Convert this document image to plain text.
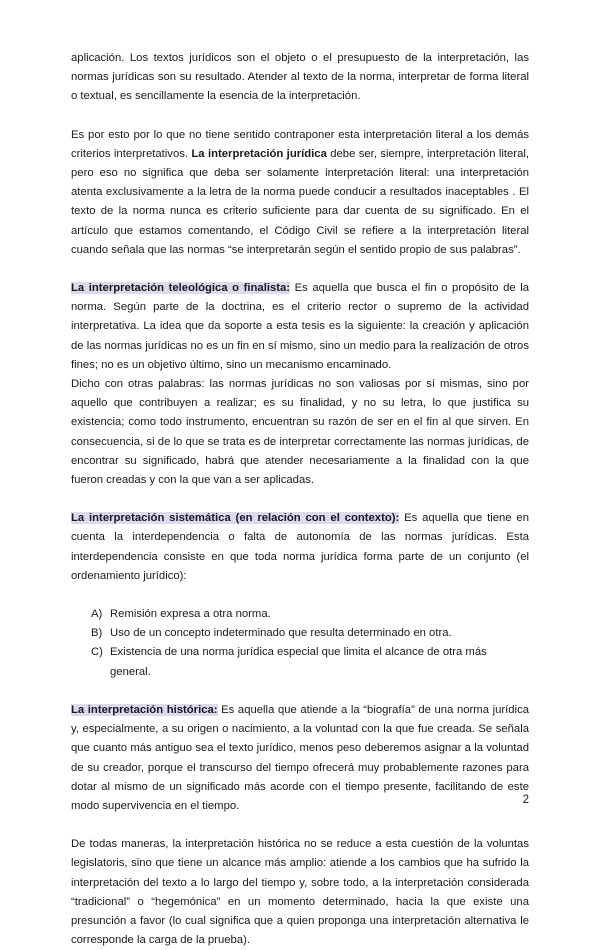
aplicación. Los textos jurídicos son el objeto o el presupuesto de la interpretación, las normas jurídicas son su resultado. Atender al texto de la norma, interpretar de forma literal o textual, es sencillamente la esencia de la interpretación.

Es por esto por lo que no tiene sentido contraponer esta interpretación literal a los demás criterios interpretativos. La interpretación jurídica debe ser, siempre, interpretación literal, pero eso no significa que deba ser solamente interpretación literal: una interpretación atenta exclusivamente a la letra de la norma puede conducir a resultados inaceptables . El texto de la norma nunca es criterio suficiente para dar cuenta de su significado. En el artículo que estamos comentando, el Código Civil se refiere a la interpretación literal cuando señala que las normas “se interpretarán según el sentido propio de sus palabras”.

La interpretación teleológica o finalista: Es aquella que busca el fin o propósito de la norma. Según parte de la doctrina, es el criterio rector o supremo de la actividad interpretativa. La idea que da soporte a esta tesis es la siguiente: la creación y aplicación de las normas jurídicas no es un fin en sí mismo, sino un medio para la realización de otros fines; no es un objetivo último, sino un mecanismo encaminado.

Dicho con otras palabras: las normas jurídicas no son valiosas por sí mismas, sino por aquello que contribuyen a realizar; es su finalidad, y no su letra, lo que justifica su existencia; como todo instrumento, encuentran su razón de ser en el fin al que sirven. En consecuencia, si de lo que se trata es de interpretar correctamente las normas jurídicas, de encontrar su significado, habrá que atender necesariamente a la finalidad con la que fueron creadas y con la que van a ser aplicadas.

La interpretación sistemática (en relación con el contexto): Es aquella que tiene en cuenta la interdependencia o falta de autonomía de las normas jurídicas. Esta interdependencia consiste en que toda norma jurídica forma parte de un conjunto (el ordenamiento jurídico):

A) Remisión expresa a otra norma.
B) Uso de un concepto indeterminado que resulta determinado en otra.
C) Existencia de una norma jurídica especial que limita el alcance de otra más general.

La interpretación histórica: Es aquella que atiende a la “biografía” de una norma jurídica y, especialmente, a su origen o nacimiento, a la voluntad con la que fue creada. Se señala que cuanto más antiguo sea el texto jurídico, menos peso deberemos asignar a la voluntad de su creador, porque el transcurso del tiempo ofrecerá muy probablemente razones para dotar al mismo de un significado más acorde con el tiempo presente, facilitando de este modo supervivencia en el tiempo.

De todas maneras, la interpretación histórica no se reduce a esta cuestión de la voluntas legislatoris, sino que tiene un alcance más amplio: atiende a los cambios que ha sufrido la interpretación del texto a lo largo del tiempo y, sobre todo, a la interpretación considerada “tradicional” o “hegemónica” en un momento determinado, hacia la que existe una presunción a favor (lo cual significa que a quien proponga una interpretación alternativa le corresponde la carga de la prueba).

2
